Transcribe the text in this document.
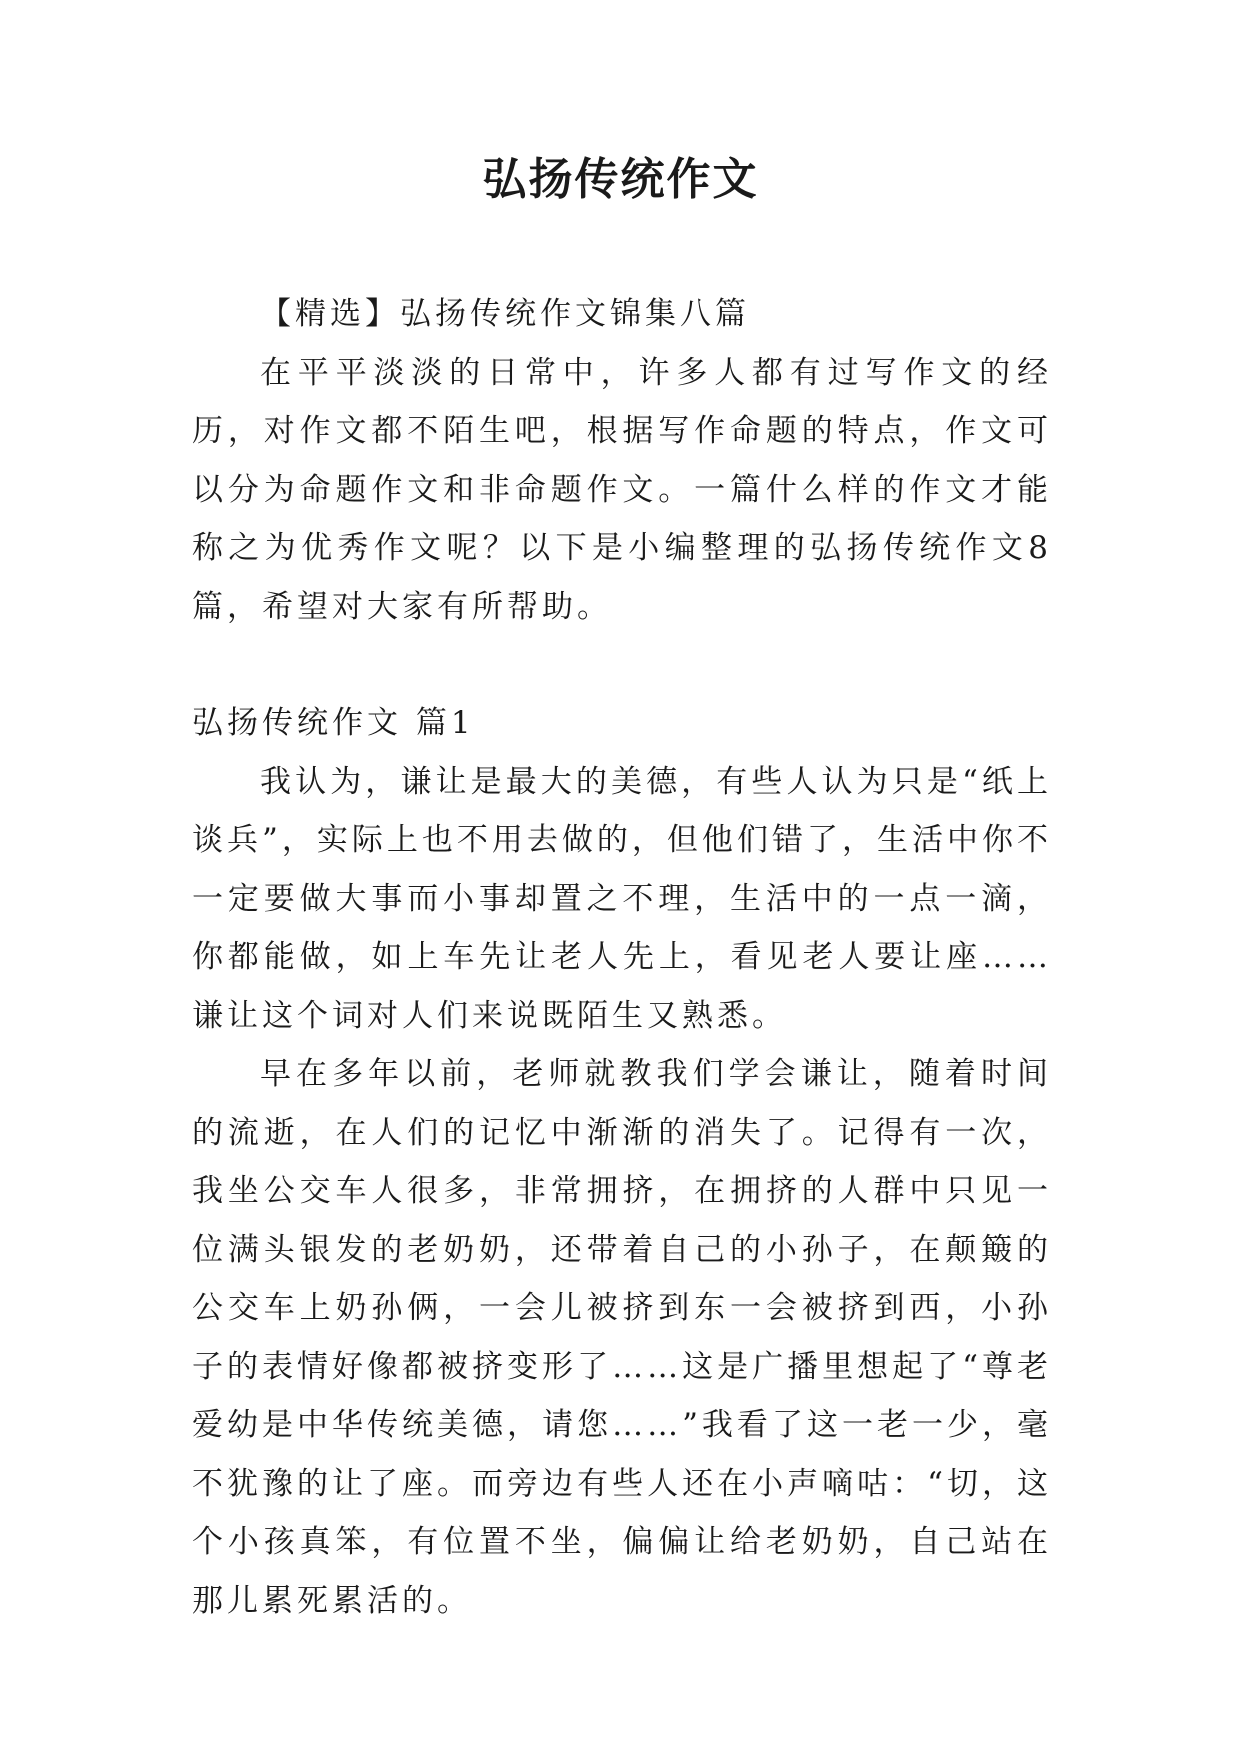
弘扬传统作文

【精选】弘扬传统作文锦集八篇

在平平淡淡的日常中，许多人都有过写作文的经历，对作文都不陌生吧，根据写作命题的特点，作文可以分为命题作文和非命题作文。一篇什么样的作文才能称之为优秀作文呢？以下是小编整理的弘扬传统作文8篇，希望对大家有所帮助。

弘扬传统作文 篇1

我认为，谦让是最大的美德，有些人认为只是“纸上谈兵”，实际上也不用去做的，但他们错了，生活中你不一定要做大事而小事却置之不理，生活中的一点一滴，你都能做，如上车先让老人先上，看见老人要让座……谦让这个词对人们来说既陌生又熟悉。

早在多年以前，老师就教我们学会谦让，随着时间的流逝，在人们的记忆中渐渐的消失了。记得有一次，我坐公交车人很多，非常拥挤，在拥挤的人群中只见一位满头银发的老奶奶，还带着自己的小孙子，在颠簸的公交车上奶孙俩，一会儿被挤到东一会被挤到西，小孙子的表情好像都被挤变形了……这是广播里想起了“尊老爱幼是中华传统美德，请您……”我看了这一老一少，毫不犹豫的让了座。而旁边有些人还在小声嘀咕：“切，这个小孩真笨，有位置不坐，偏偏让给老奶奶，自己站在那儿累死累活的。
